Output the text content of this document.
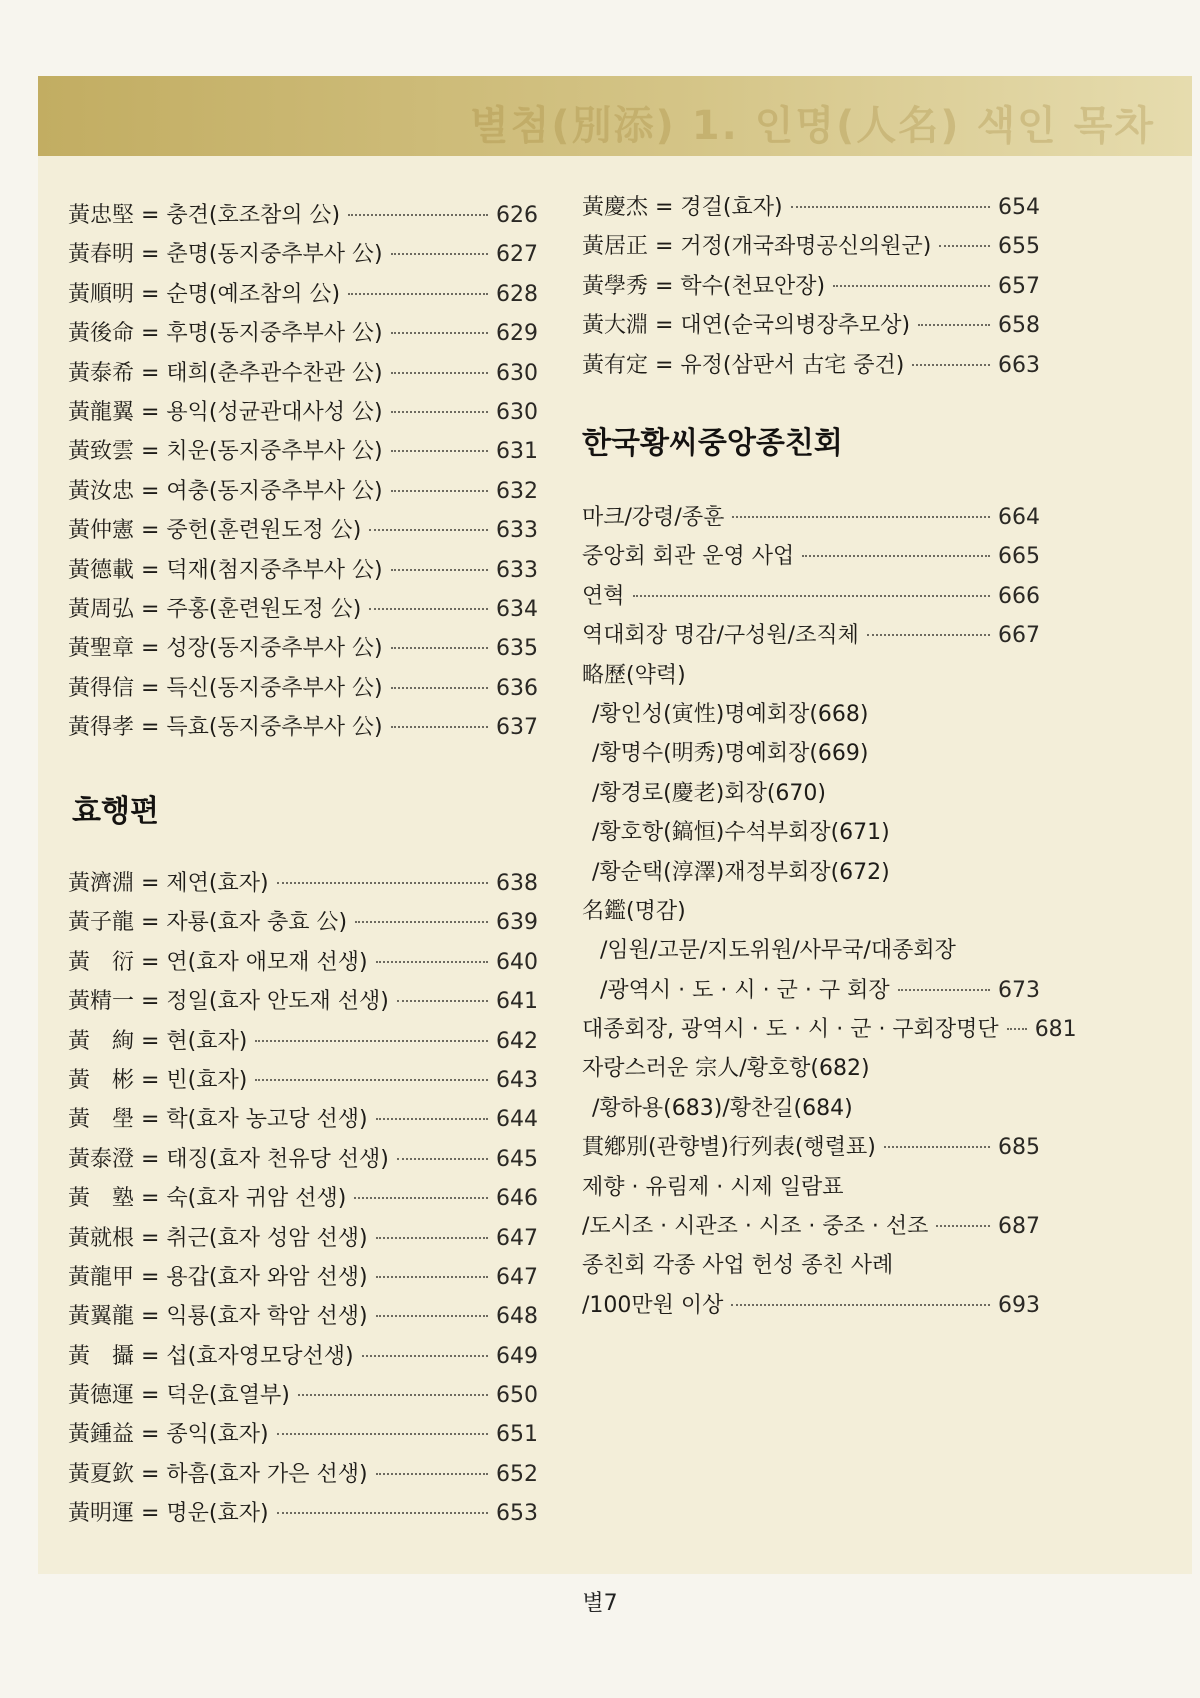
별첨(別添) 1. 인명(人名) 색인 목차
黃忠堅 = 충견(호조참의 公)	626
黃春明 = 춘명(동지중추부사 公)	627
黃順明 = 순명(예조참의 公)	628
黃後命 = 후명(동지중추부사 公)	629
黃泰希 = 태희(춘추관수찬관 公)	630
黃龍翼 = 용익(성균관대사성 公)	630
黃致雲 = 치운(동지중추부사 公)	631
黃汝忠 = 여충(동지중추부사 公)	632
黃仲憲 = 중헌(훈련원도정 公)	633
黃德載 = 덕재(첨지중추부사 公)	633
黃周弘 = 주홍(훈련원도정 公)	634
黃聖章 = 성장(동지중추부사 公)	635
黃得信 = 득신(동지중추부사 公)	636
黃得孝 = 득효(동지중추부사 公)	637
효행편
黃濟淵 = 제연(효자)	638
黃子龍 = 자룡(효자 충효 公)	639
黃　衍 = 연(효자 애모재 선생)	640
黃精一 = 정일(효자 안도재 선생)	641
黃　絢 = 현(효자)	642
黃　彬 = 빈(효자)	643
黃　壆 = 학(효자 농고당 선생)	644
黃泰澄 = 태징(효자 천유당 선생)	645
黃　塾 = 숙(효자 귀암 선생)	646
黃就根 = 취근(효자 성암 선생)	647
黃龍甲 = 용갑(효자 와암 선생)	647
黃翼龍 = 익룡(효자 학암 선생)	648
黃　攝 = 섭(효자영모당선생)	649
黃德運 = 덕운(효열부)	650
黃鍾益 = 종익(효자)	651
黃夏欽 = 하흠(효자 가은 선생)	652
黃明運 = 명운(효자)	653
黃慶杰 = 경걸(효자)	654
黃居正 = 거정(개국좌명공신의원군)	655
黃學秀 = 학수(천묘안장)	657
黃大淵 = 대연(순국의병장추모상)	658
黃有定 = 유정(삼판서 古宅 중건)	663
한국황씨중앙종친회
마크/강령/종훈	664
중앙회 회관 운영 사업	665
연혁	666
역대회장 명감/구성원/조직체	667
略歷(약력)
/황인성(寅性)명예회장(668)
/황명수(明秀)명예회장(669)
/황경로(慶老)회장(670)
/황호항(鎬恒)수석부회장(671)
/황순택(淳澤)재정부회장(672)
名鑑(명감)
/임원/고문/지도위원/사무국/대종회장
/광역시 · 도 · 시 · 군 · 구 회장	673
대종회장, 광역시 · 도 · 시 · 군 · 구회장명단 681
자랑스러운 宗人/황호항(682)
/황하용(683)/황찬길(684)
貫鄕別(관향별)行列表(행렬표)	685
제향 · 유림제 · 시제 일람표
/도시조 · 시관조 · 시조 · 중조 · 선조	687
종친회 각종 사업 헌성 종친 사례
/100만원 이상	693
별7
